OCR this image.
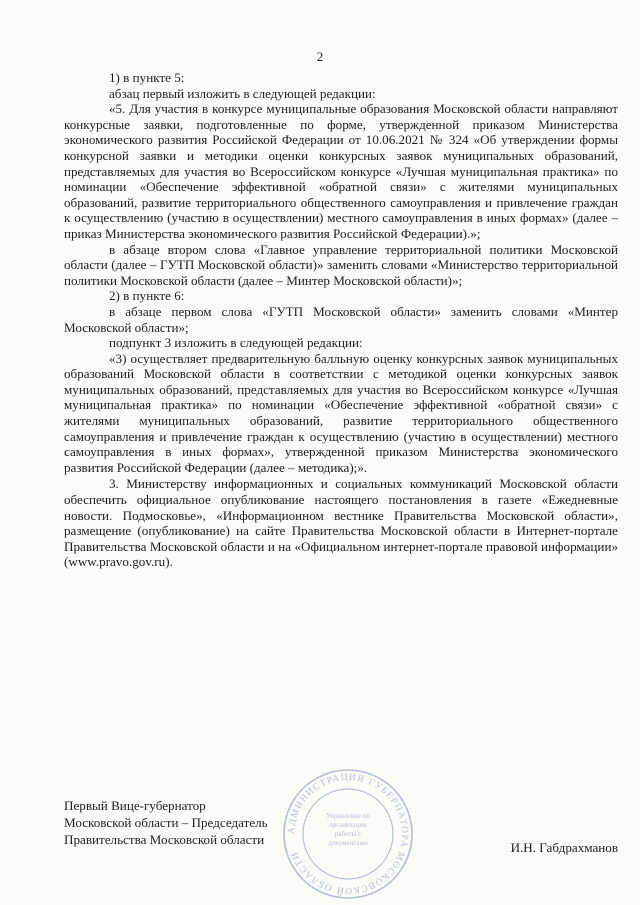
2

1) в пункте 5:

абзац первый изложить в следующей редакции:

«5. Для участия в конкурсе муниципальные образования Московской области направляют конкурсные заявки, подготовленные по форме, утвержденной приказом Министерства экономического развития Российской Федерации от 10.06.2021 № 324 «Об утверждении формы конкурсной заявки и методики оценки конкурсных заявок муниципальных образований, представляемых для участия во Всероссийском конкурсе «Лучшая муниципальная практика» по номинации «Обеспечение эффективной «обратной связи» с жителями муниципальных образований, развитие территориального общественного самоуправления и привлечение граждан к осуществлению (участию в осуществлении) местного самоуправления в иных формах» (далее – приказ Министерства экономического развития Российской Федерации).»;

в абзаце втором слова «Главное управление территориальной политики Московской области (далее – ГУТП Московской области)» заменить словами «Министерство территориальной политики Московской области (далее – Минтер Московской области)»;

2) в пункте 6:

в абзаце первом слова «ГУТП Московской области» заменить словами «Минтер Московской области»;

подпункт 3 изложить в следующей редакции:

«3) осуществляет предварительную балльную оценку конкурсных заявок муниципальных образований Московской области в соответствии с методикой оценки конкурсных заявок муниципальных образований, представляемых для участия во Всероссийском конкурсе «Лучшая муниципальная практика» по номинации «Обеспечение эффективной «обратной связи» с жителями муниципальных образований, развитие территориального общественного самоуправления и привлечение граждан к осуществлению (участию в осуществлении) местного самоуправления в иных формах», утвержденной приказом Министерства экономического развития Российской Федерации (далее – методика);».

3. Министерству информационных и социальных коммуникаций Московской области обеспечить официальное опубликование настоящего постановления в газете «Ежедневные новости. Подмосковье», «Информационном вестнике Правительства Московской области», размещение (опубликование) на сайте Правительства Московской области в Интернет-портале Правительства Московской области и на «Официальном интернет-портале правовой информации» (www.pravo.gov.ru).

Первый Вице-губернатор
Московской области – Председатель
Правительства Московской области
И.Н. Габдрахманов
АДМИНИСТРАЦИЯ ГУБЕРНАТОРА МОСКОВСКОЙ ОБЛАСТИ
Управление по организации работы с документами
